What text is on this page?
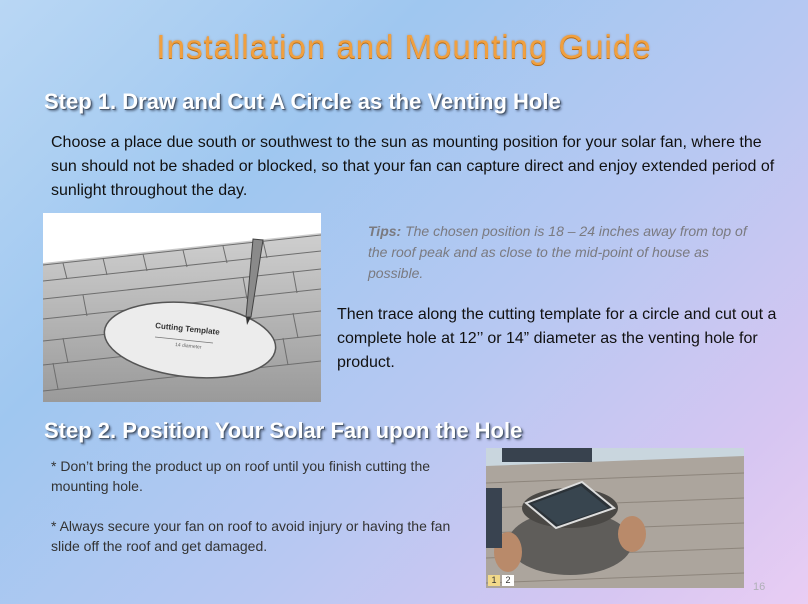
Installation and Mounting Guide
Step 1. Draw and Cut A Circle as the Venting Hole
Choose a place due south or southwest to the sun as mounting position for your solar fan, where the sun should not be shaded or blocked, so that your fan can capture direct and enjoy extended period of sunlight throughout the day.
Cutting Template
14 diameter
Tips: The chosen position is 18 – 24 inches away from top of the roof peak and as close to the mid-point of house as possible.
Then trace along the cutting template for a circle and cut out a complete hole at 12’’ or 14” diameter as the venting hole for product.
Step 2. Position Your Solar Fan upon the Hole

* Don’t bring the product up on roof until you finish cutting the mounting hole.

* Always secure your fan on roof to avoid injury or having the fan slide off the roof and get damaged.

1 2
16
